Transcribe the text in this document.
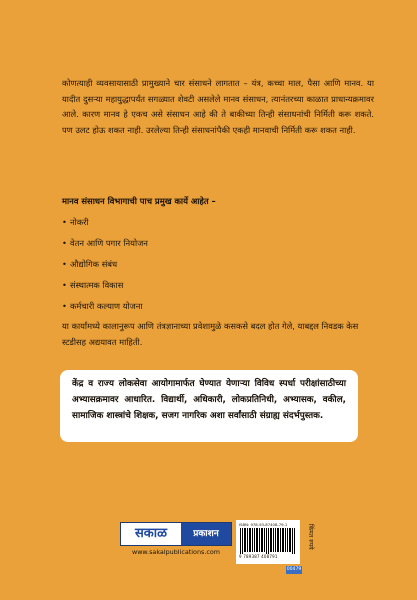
कोणत्याही व्यवसायासाठी प्रामुख्याने चार संसाधने लागतात – यंत्र, कच्चा माल, पैसा आणि मानव. या यादीत दुसऱ्या महायुद्धापर्यंत सगळ्यात शेवटी असलेले मानव संसाधन, त्यानंतरच्या काळात प्राधान्यक्रमावर आले. कारण मानव हे एकच असे संसाधन आहे की ते बाकीच्या तिन्ही संसाधनांची निर्मिती करू शकते. पण उलट होऊ शकत नाही. उरलेल्या तिन्ही संसाधनांपैकी एकही मानवाची निर्मिती करू शकत नाही.

मानव संसाधन विभागाची पाच प्रमुख कार्ये आहेत –
• नोकरी
• वेतन आणि पगार नियोजन
• औद्योगिक संबंध
• संस्थात्मक विकास
• कर्मचारी कल्याण योजना

या कार्यांमध्ये कालानुरूप आणि तंत्रज्ञानाच्या प्रवेशामुळे कसकसे बदल होत गेले, याबद्दल निवडक केस स्टडीसह अद्ययावत माहिती.

केंद्र व राज्य लोकसेवा आयोगामार्फत घेण्यात येणाऱ्या विविध स्पर्धा परीक्षांसाठीच्या अभ्यासक्रमावर आधारित. विद्यार्थी, अधिकारी, लोकप्रतिनिधी, अभ्यासक, वकील, सामाजिक शास्त्रांचे शिक्षक, सजग नागरिक अशा सर्वांसाठी संग्राह्य संदर्भपुस्तक.
सकाळ	प्रकाशन
www.sakalpublications.com
ISBN: 978-93-87408-79-1
9 789387 408791
00479
किंमत रुपये
